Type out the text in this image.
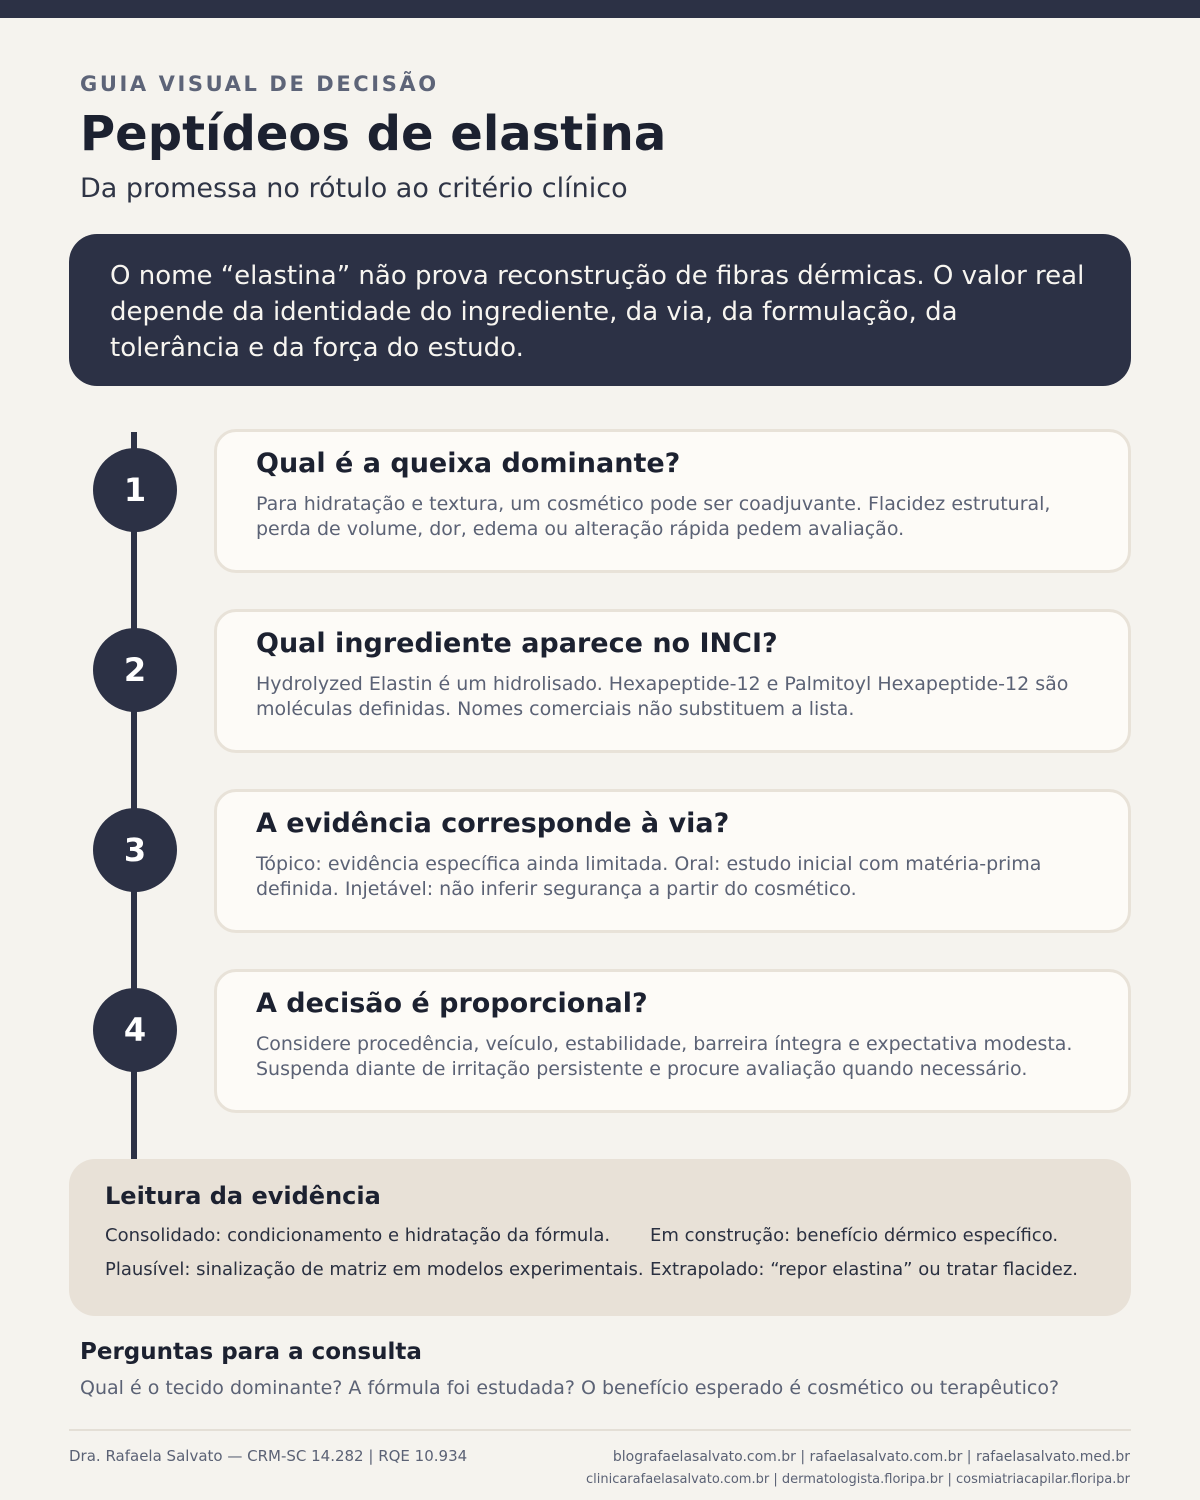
GUIA VISUAL DE DECISÃO
Peptídeos de elastina
Da promessa no rótulo ao critério clínico

O nome “elastina” não prova reconstrução de fibras dérmicas. O valor real depende da identidade do ingrediente, da via, da formulação, da tolerância e da força do estudo.

1
Qual é a queixa dominante?

Para hidratação e textura, um cosmético pode ser coadjuvante. Flacidez estrutural, perda de volume, dor, edema ou alteração rápida pedem avaliação.

2
Qual ingrediente aparece no INCI?

Hydrolyzed Elastin é um hidrolisado. Hexapeptide-12 e Palmitoyl Hexapeptide-12 são moléculas definidas. Nomes comerciais não substituem a lista.

3
A evidência corresponde à via?

Tópico: evidência específica ainda limitada. Oral: estudo inicial com matéria-prima definida. Injetável: não inferir segurança a partir do cosmético.

4
A decisão é proporcional?

Considere procedência, veículo, estabilidade, barreira íntegra e expectativa modesta. Suspenda diante de irritação persistente e procure avaliação quando necessário.

Leitura da evidência
Consolidado: condicionamento e hidratação da fórmula.	Em construção: benefício dérmico específico.
Plausível: sinalização de matriz em modelos experimentais. Extrapolado: “repor elastina” ou tratar flacidez.
Perguntas para a consulta

Qual é o tecido dominante? A fórmula foi estudada? O benefício esperado é cosmético ou terapêutico?

Dra. Rafaela Salvato — CRM-SC 14.282 | RQE 10.934	blografaelasalvato.com.br | rafaelasalvato.com.br | rafaelasalvato.med.br
clinicarafaelasalvato.com.br | dermatologista.floripa.br | cosmiatriacapilar.floripa.br
